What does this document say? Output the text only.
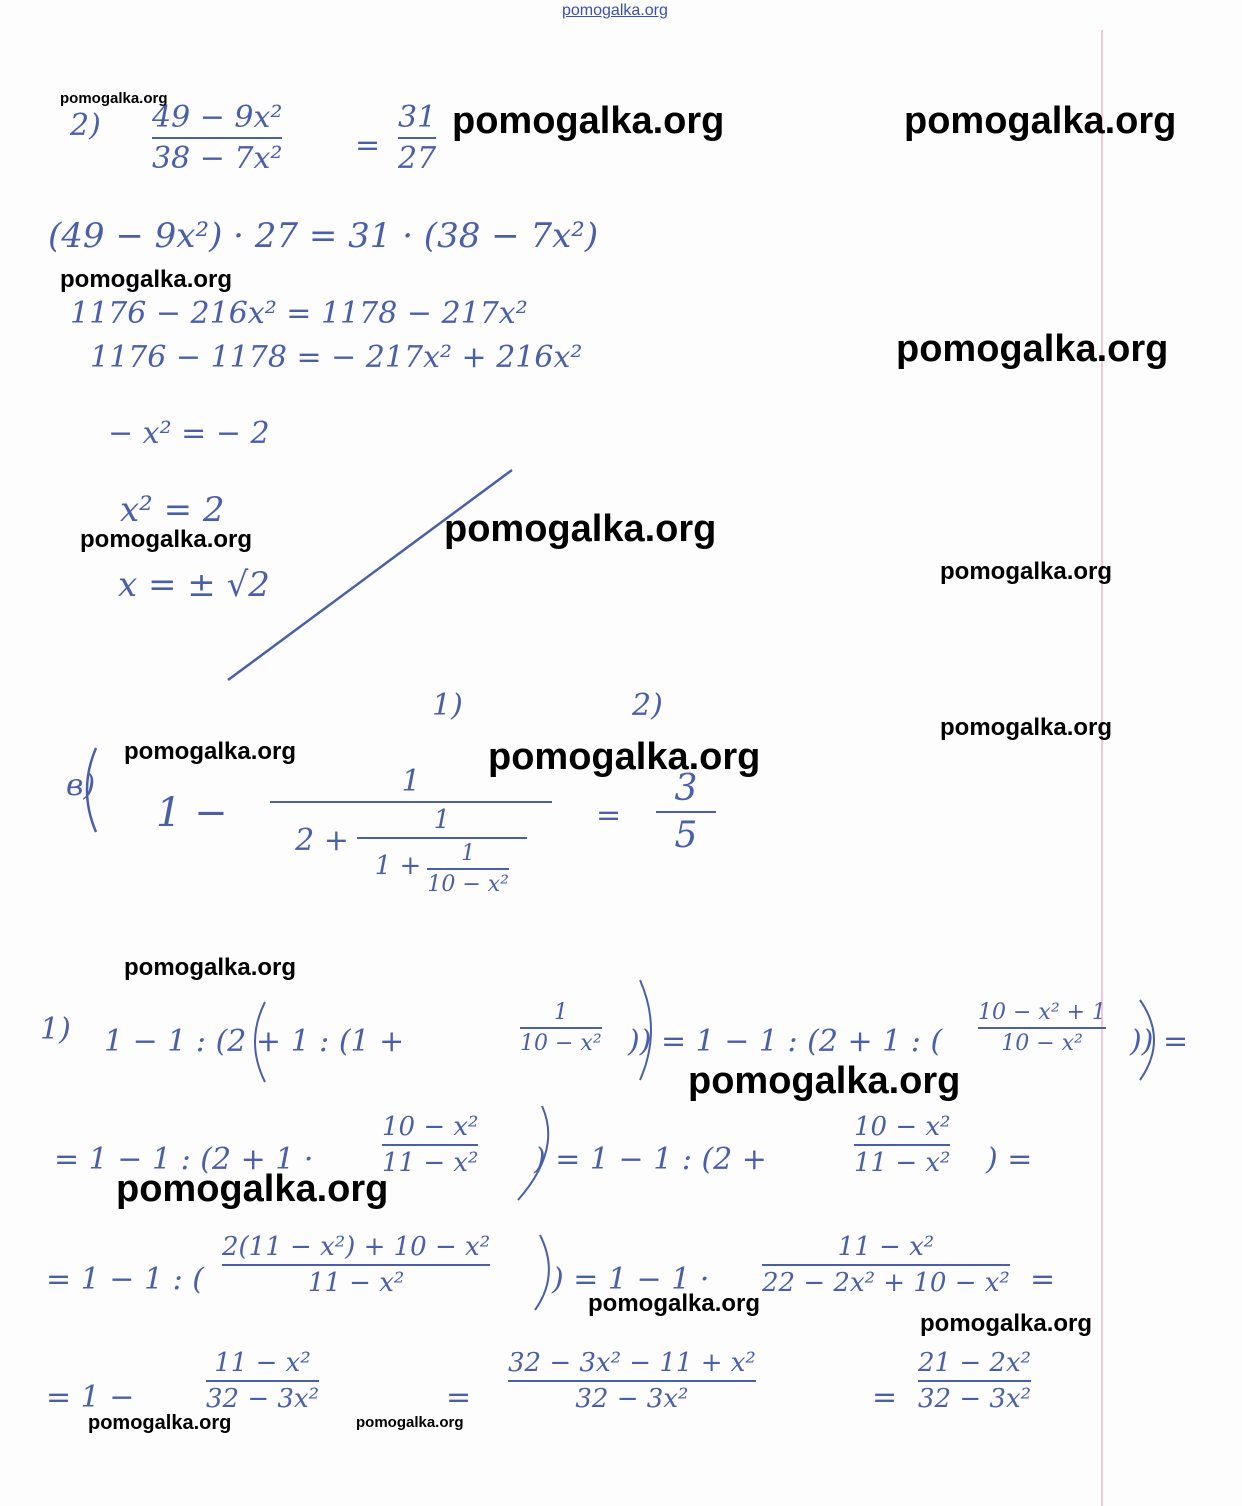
pomogalka.org
2) 49 − 9x²
38 − 7x² =
31
27
(49 − 9x²) · 27 = 31 · (38 − 7x²)
1176 − 216x² = 1178 − 217x²
1176 − 1178 = − 217x² + 216x²
− x² = − 2
x² = 2
x = ± √2
1)	2)
в)
1 −
1
2 +
1
$1 + \frac{1}{\text{10 − x²}}$
=
3
5
1) 1 − 1 : (2 + 1 : (1 +
1
10 − x² )) = 1 − 1 : (2 + 1 : (
10 − x² + 1
10 − x² )) =
= 1 − 1 : (2 + 1 ·
10 − x²
11 − x² ) = 1 − 1 : (2 +
10 − x²
11 − x² ) =
= 1 − 1 : (
2(11 − x²) + 10 − x²
11 − x²	) = 1 − 1 ·
11 − x²
22 − 2x² + 10 − x² =
= 1 −
11 − x²
32 − 3x²	=
32 − 3x² − 11 + x²
32 − 3x²	=
21 − 2x²
32 − 3x²
pomogalka.org
pomogalka.org	pomogalka.org
pomogalka.org
pomogalka.org
pomogalka.org
pomogalka.org
pomogalka.org
pomogalka.org
pomogalka.org	pomogalka.org
pomogalka.org
pomogalka.org
pomogalka.org
pomogalka.org
pomogalka.org
pomogalka.org	pomogalka.org
